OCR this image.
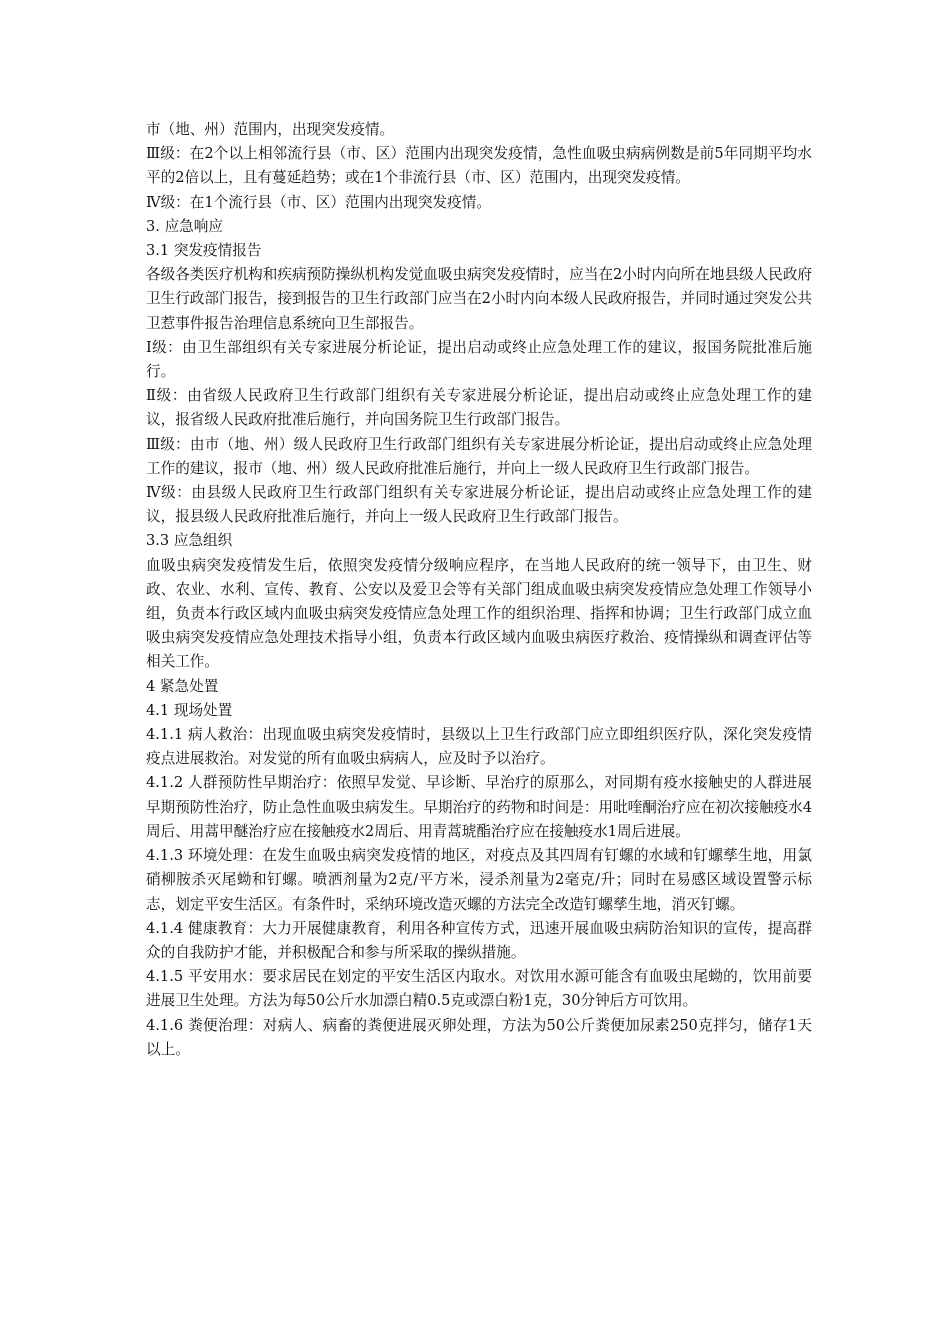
市（地、州）范围内，出现突发疫情。

Ⅲ级：在2个以上相邻流行县（市、区）范围内出现突发疫情，急性血吸虫病病例数是前5年同期平均水平的2倍以上，且有蔓延趋势；或在1个非流行县（市、区）范围内，出现突发疫情。

Ⅳ级：在1个流行县（市、区）范围内出现突发疫情。

3. 应急响应

3.1 突发疫情报告

各级各类医疗机构和疾病预防操纵机构发觉血吸虫病突发疫情时，应当在2小时内向所在地县级人民政府卫生行政部门报告，接到报告的卫生行政部门应当在2小时内向本级人民政府报告，并同时通过突发公共卫惹事件报告治理信息系统向卫生部报告。

Ⅰ级：由卫生部组织有关专家进展分析论证，提出启动或终止应急处理工作的建议，报国务院批准后施行。

Ⅱ级：由省级人民政府卫生行政部门组织有关专家进展分析论证，提出启动或终止应急处理工作的建议，报省级人民政府批准后施行，并向国务院卫生行政部门报告。

Ⅲ级：由市（地、州）级人民政府卫生行政部门组织有关专家进展分析论证，提出启动或终止应急处理工作的建议，报市（地、州）级人民政府批准后施行，并向上一级人民政府卫生行政部门报告。

Ⅳ级：由县级人民政府卫生行政部门组织有关专家进展分析论证，提出启动或终止应急处理工作的建议，报县级人民政府批准后施行，并向上一级人民政府卫生行政部门报告。

3.3 应急组织

血吸虫病突发疫情发生后，依照突发疫情分级响应程序，在当地人民政府的统一领导下，由卫生、财政、农业、水利、宣传、教育、公安以及爱卫会等有关部门组成血吸虫病突发疫情应急处理工作领导小组，负责本行政区域内血吸虫病突发疫情应急处理工作的组织治理、指挥和协调；卫生行政部门成立血吸虫病突发疫情应急处理技术指导小组，负责本行政区域内血吸虫病医疗救治、疫情操纵和调查评估等相关工作。

4 紧急处置

4.1 现场处置

4.1.1 病人救治：出现血吸虫病突发疫情时，县级以上卫生行政部门应立即组织医疗队，深化突发疫情疫点进展救治。对发觉的所有血吸虫病病人，应及时予以治疗。

4.1.2 人群预防性早期治疗：依照早发觉、早诊断、早治疗的原那么，对同期有疫水接触史的人群进展早期预防性治疗，防止急性血吸虫病发生。早期治疗的药物和时间是：用吡喹酮治疗应在初次接触疫水4周后、用蒿甲醚治疗应在接触疫水2周后、用青蒿琥酯治疗应在接触疫水1周后进展。

4.1.3 环境处理：在发生血吸虫病突发疫情的地区，对疫点及其四周有钉螺的水域和钉螺孳生地，用氯硝柳胺杀灭尾蚴和钉螺。喷洒剂量为2克/平方米，浸杀剂量为2毫克/升；同时在易感区域设置警示标志，划定平安生活区。有条件时，采纳环境改造灭螺的方法完全改造钉螺孳生地，消灭钉螺。

4.1.4 健康教育：大力开展健康教育，利用各种宣传方式，迅速开展血吸虫病防治知识的宣传，提高群众的自我防护才能，并积极配合和参与所采取的操纵措施。

4.1.5 平安用水：要求居民在划定的平安生活区内取水。对饮用水源可能含有血吸虫尾蚴的，饮用前要进展卫生处理。方法为每50公斤水加漂白精0.5克或漂白粉1克，30分钟后方可饮用。

4.1.6 粪便治理：对病人、病畜的粪便进展灭卵处理，方法为50公斤粪便加尿素250克拌匀，储存1天以上。
